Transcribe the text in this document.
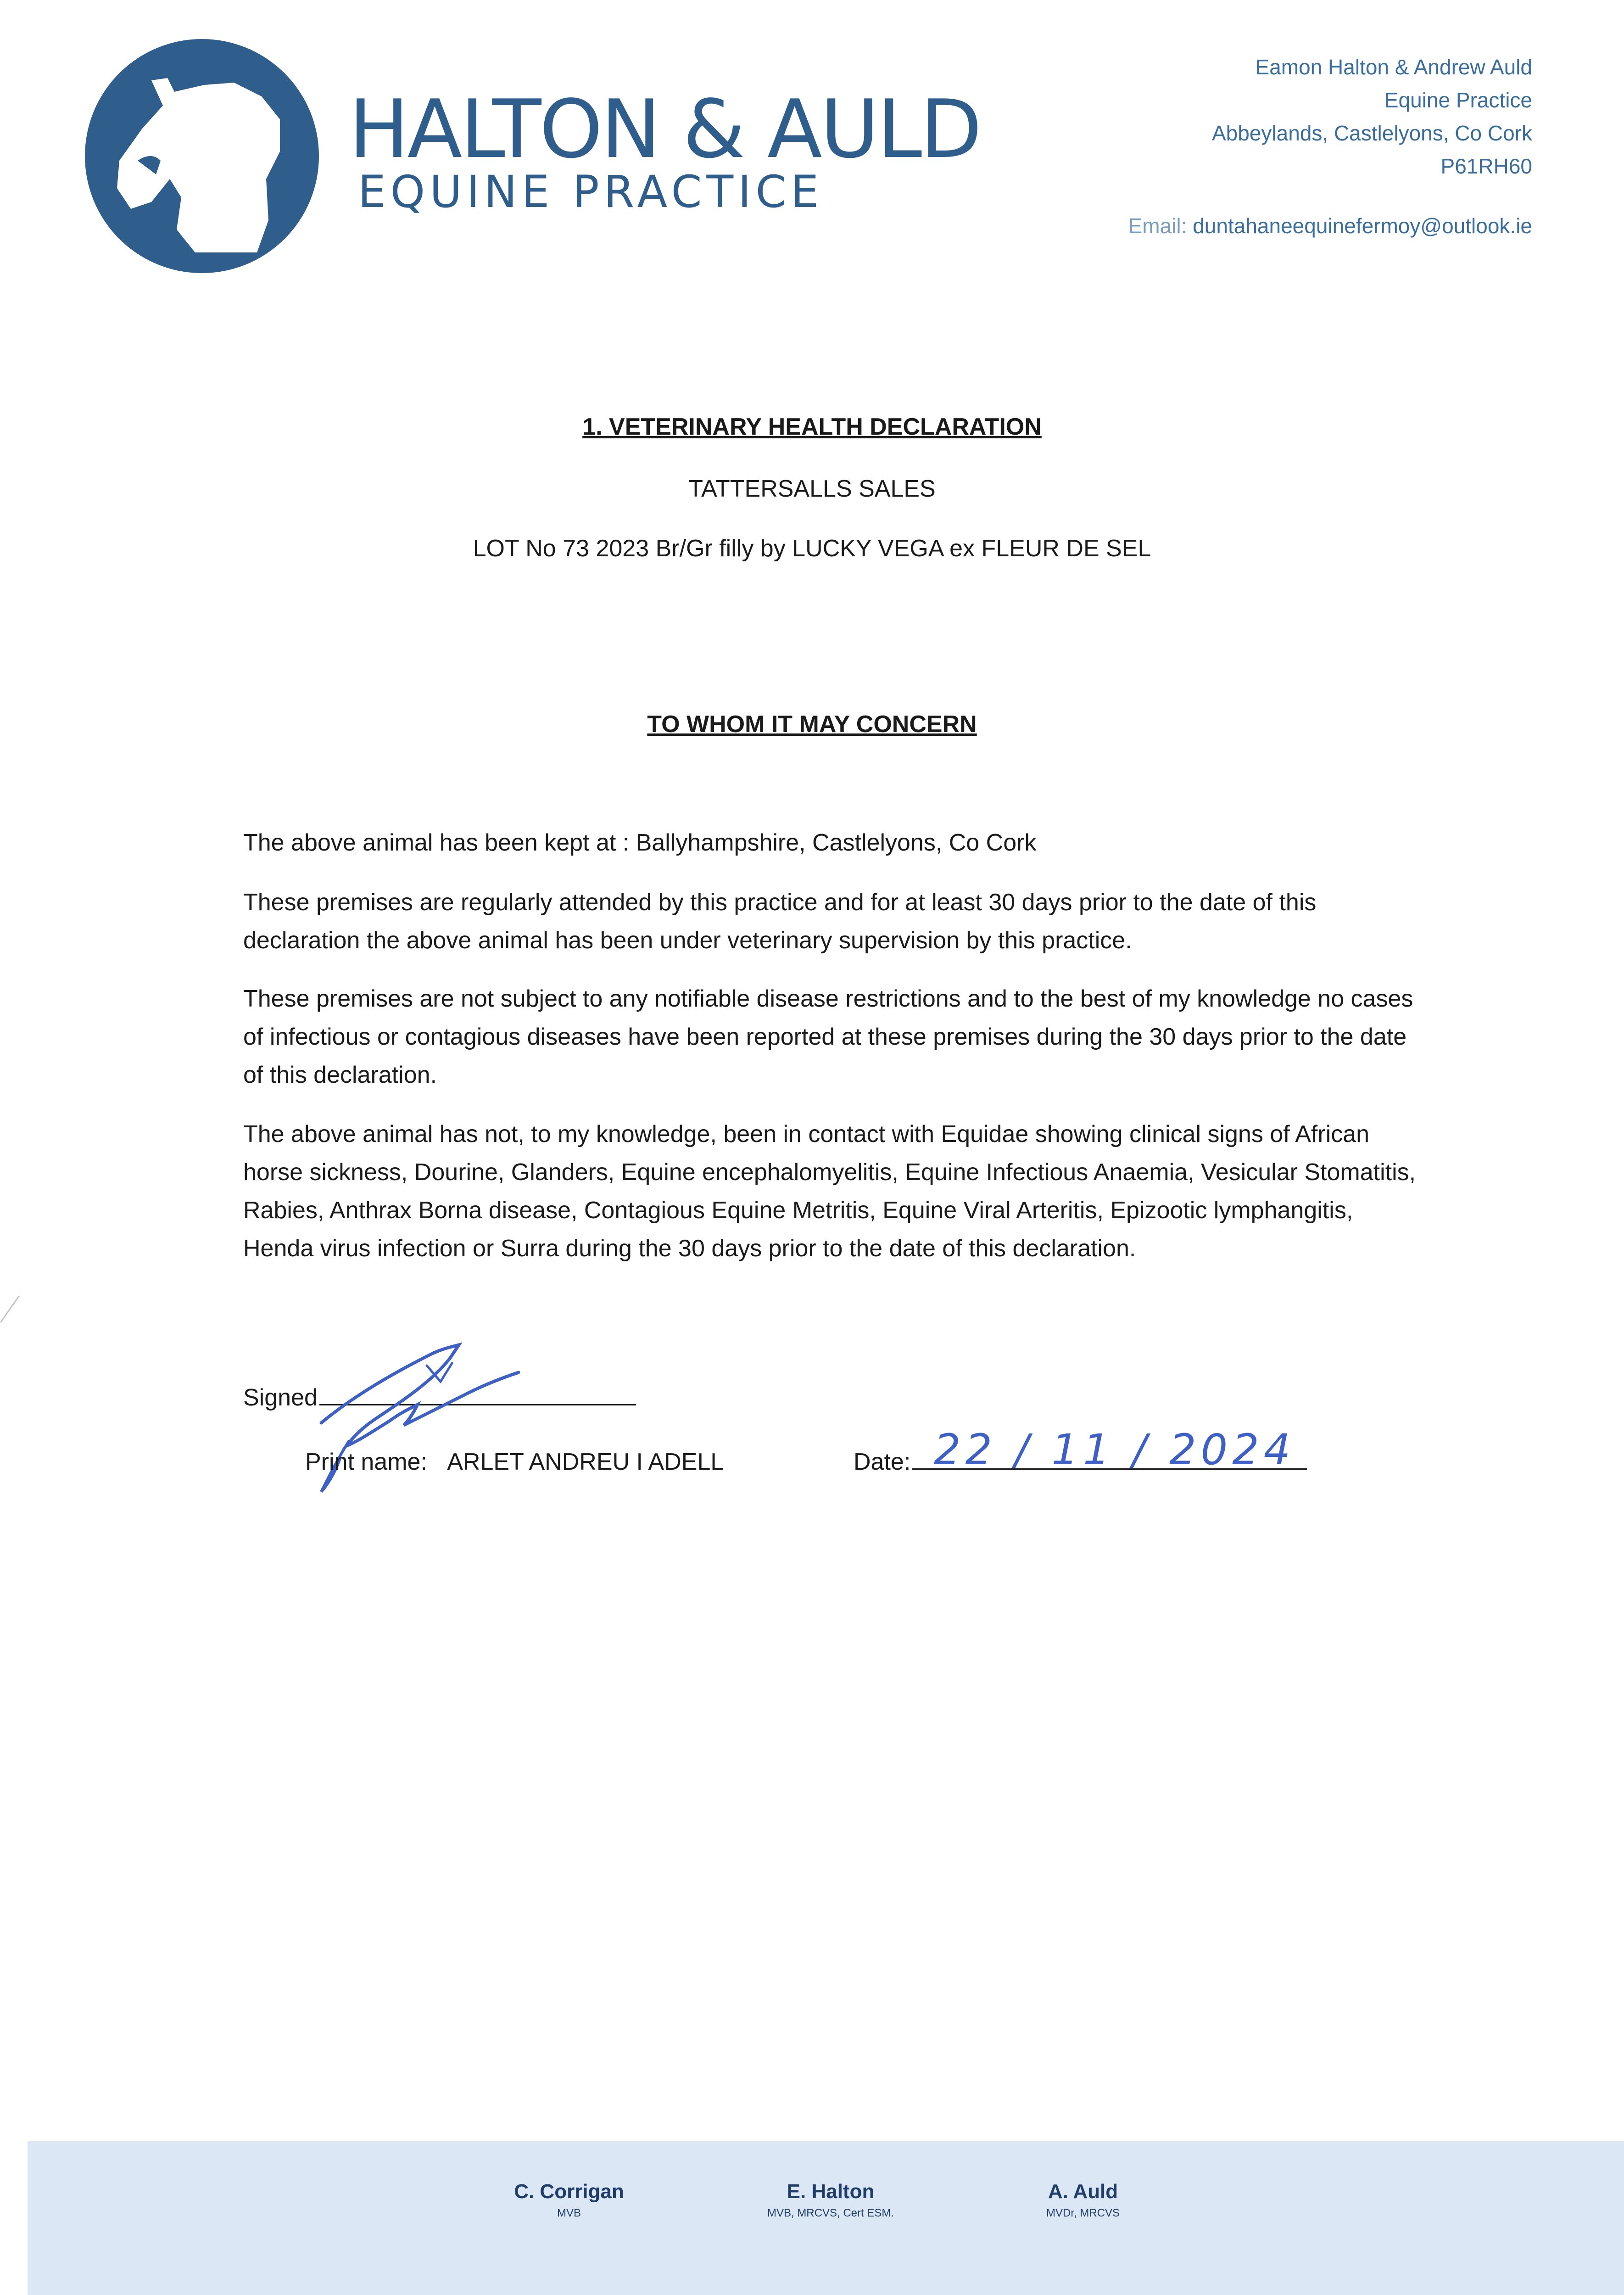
HALTON & AULD
EQUINE PRACTICE
Eamon Halton & Andrew Auld
Equine Practice
Abbeylands, Castlelyons, Co Cork
P61RH60
Email: duntahaneequinefermoy@outlook.ie
1. VETERINARY HEALTH DECLARATION
TATTERSALLS SALES
LOT No 73 2023 Br/Gr filly by LUCKY VEGA ex FLEUR DE SEL
TO WHOM IT MAY CONCERN

The above animal has been kept at : Ballyhampshire, Castlelyons, Co Cork

These premises are regularly attended by this practice and for at least 30 days prior to the date of this declaration the above animal has been under veterinary supervision by this practice.

These premises are not subject to any notifiable disease restrictions and to the best of my knowledge no cases of infectious or contagious diseases have been reported at these premises during the 30 days prior to the date of this declaration.

The above animal has not, to my knowledge, been in contact with Equidae showing clinical signs of African horse sickness, Dourine, Glanders, Equine encephalomyelitis, Equine Infectious Anaemia, Vesicular Stomatitis, Rabies, Anthrax Borna disease, Contagious Equine Metritis, Equine Viral Arteritis, Epizootic lymphangitis, Henda virus infection or Surra during the 30 days prior to the date of this declaration.

Signed
Print name: ARLET ANDREU I ADELL	Date: 22 / 11 / 2024
C. Corrigan
MVB
E. Halton
MVB, MRCVS, Cert ESM.
A. Auld
MVDr, MRCVS
